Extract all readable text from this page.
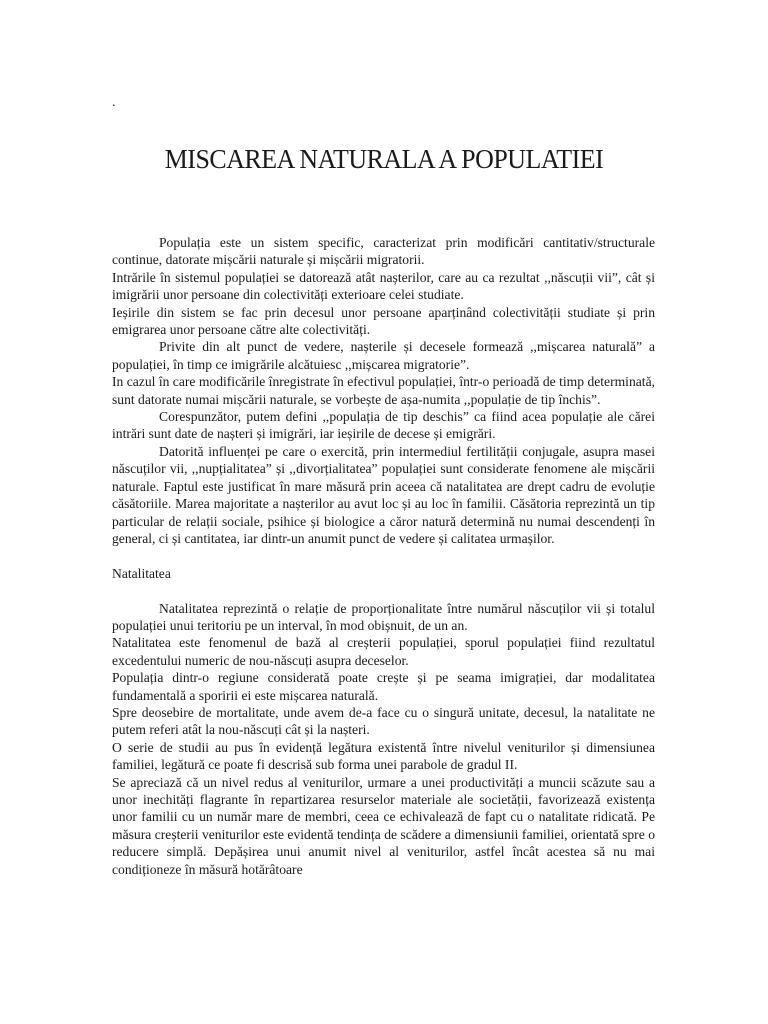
.
MISCAREA NATURALA A POPULATIEI

Populația este un sistem specific, caracterizat prin modificări cantitativ/structurale continue, datorate mișcării naturale și mișcării migratorii.

Intrările în sistemul populației se datorează atât nașterilor, care au ca rezultat ,,născuții vii”, cât și imigrării unor persoane din colectivități exterioare celei studiate.

Ieșirile din sistem se fac prin decesul unor persoane aparținând colectivității studiate și prin emigrarea unor persoane către alte colectivități.

Privite din alt punct de vedere, nașterile și decesele formează ,,mișcarea naturală” a populației, în timp ce imigrările alcătuiesc ,,mișcarea migratorie”.

In cazul în care modificările înregistrate în efectivul populației, într-o perioadă de timp determinată, sunt datorate numai mișcării naturale, se vorbește de așa-numita ,,populație de tip închis”.

Corespunzător, putem defini ,,populația de tip deschis” ca fiind acea populație ale cărei intrări sunt date de nașteri și imigrări, iar ieșirile de decese și emigrări.

Datorită influenței pe care o exercită, prin intermediul fertilității conjugale, asupra masei născuților vii, ,,nupțialitatea” și ,,divorțialitatea” populației sunt considerate fenomene ale mișcării naturale. Faptul este justificat în mare măsură prin aceea că natalitatea are drept cadru de evoluție căsătoriile. Marea majoritate a nașterilor au avut loc și au loc în familii. Căsătoria reprezintă un tip particular de relații sociale, psihice și biologice a căror natură determină nu numai descendenți în general, ci și cantitatea, iar dintr-un anumit punct de vedere și calitatea urmașilor.

Natalitatea

Natalitatea reprezintă o relație de proporționalitate între numărul născuților vii și totalul populației unui teritoriu pe un interval, în mod obișnuit, de un an.

Natalitatea este fenomenul de bază al creșterii populației, sporul populației fiind rezultatul excedentului numeric de nou-născuți asupra deceselor.

Populația dintr-o regiune considerată poate crește și pe seama imigrației, dar modalitatea fundamentală a sporirii ei este mișcarea naturală.

Spre deosebire de mortalitate, unde avem de-a face cu o singură unitate, decesul, la natalitate ne putem referi atât la nou-născuți cât și la nașteri.

O serie de studii au pus în evidență legătura existentă între nivelul veniturilor și dimensiunea familiei, legătură ce poate fi descrisă sub forma unei parabole de gradul II.

Se apreciază că un nivel redus al veniturilor, urmare a unei productivități a muncii scăzute sau a unor inechități flagrante în repartizarea resurselor materiale ale societății, favorizează existența unor familii cu un număr mare de membri, ceea ce echivalează de fapt cu o natalitate ridicată. Pe măsura creșterii veniturilor este evidentă tendința de scădere a dimensiunii familiei, orientată spre o reducere simplă. Depășirea unui anumit nivel al veniturilor, astfel încât acestea să nu mai condiționeze în măsură hotărâtoare
